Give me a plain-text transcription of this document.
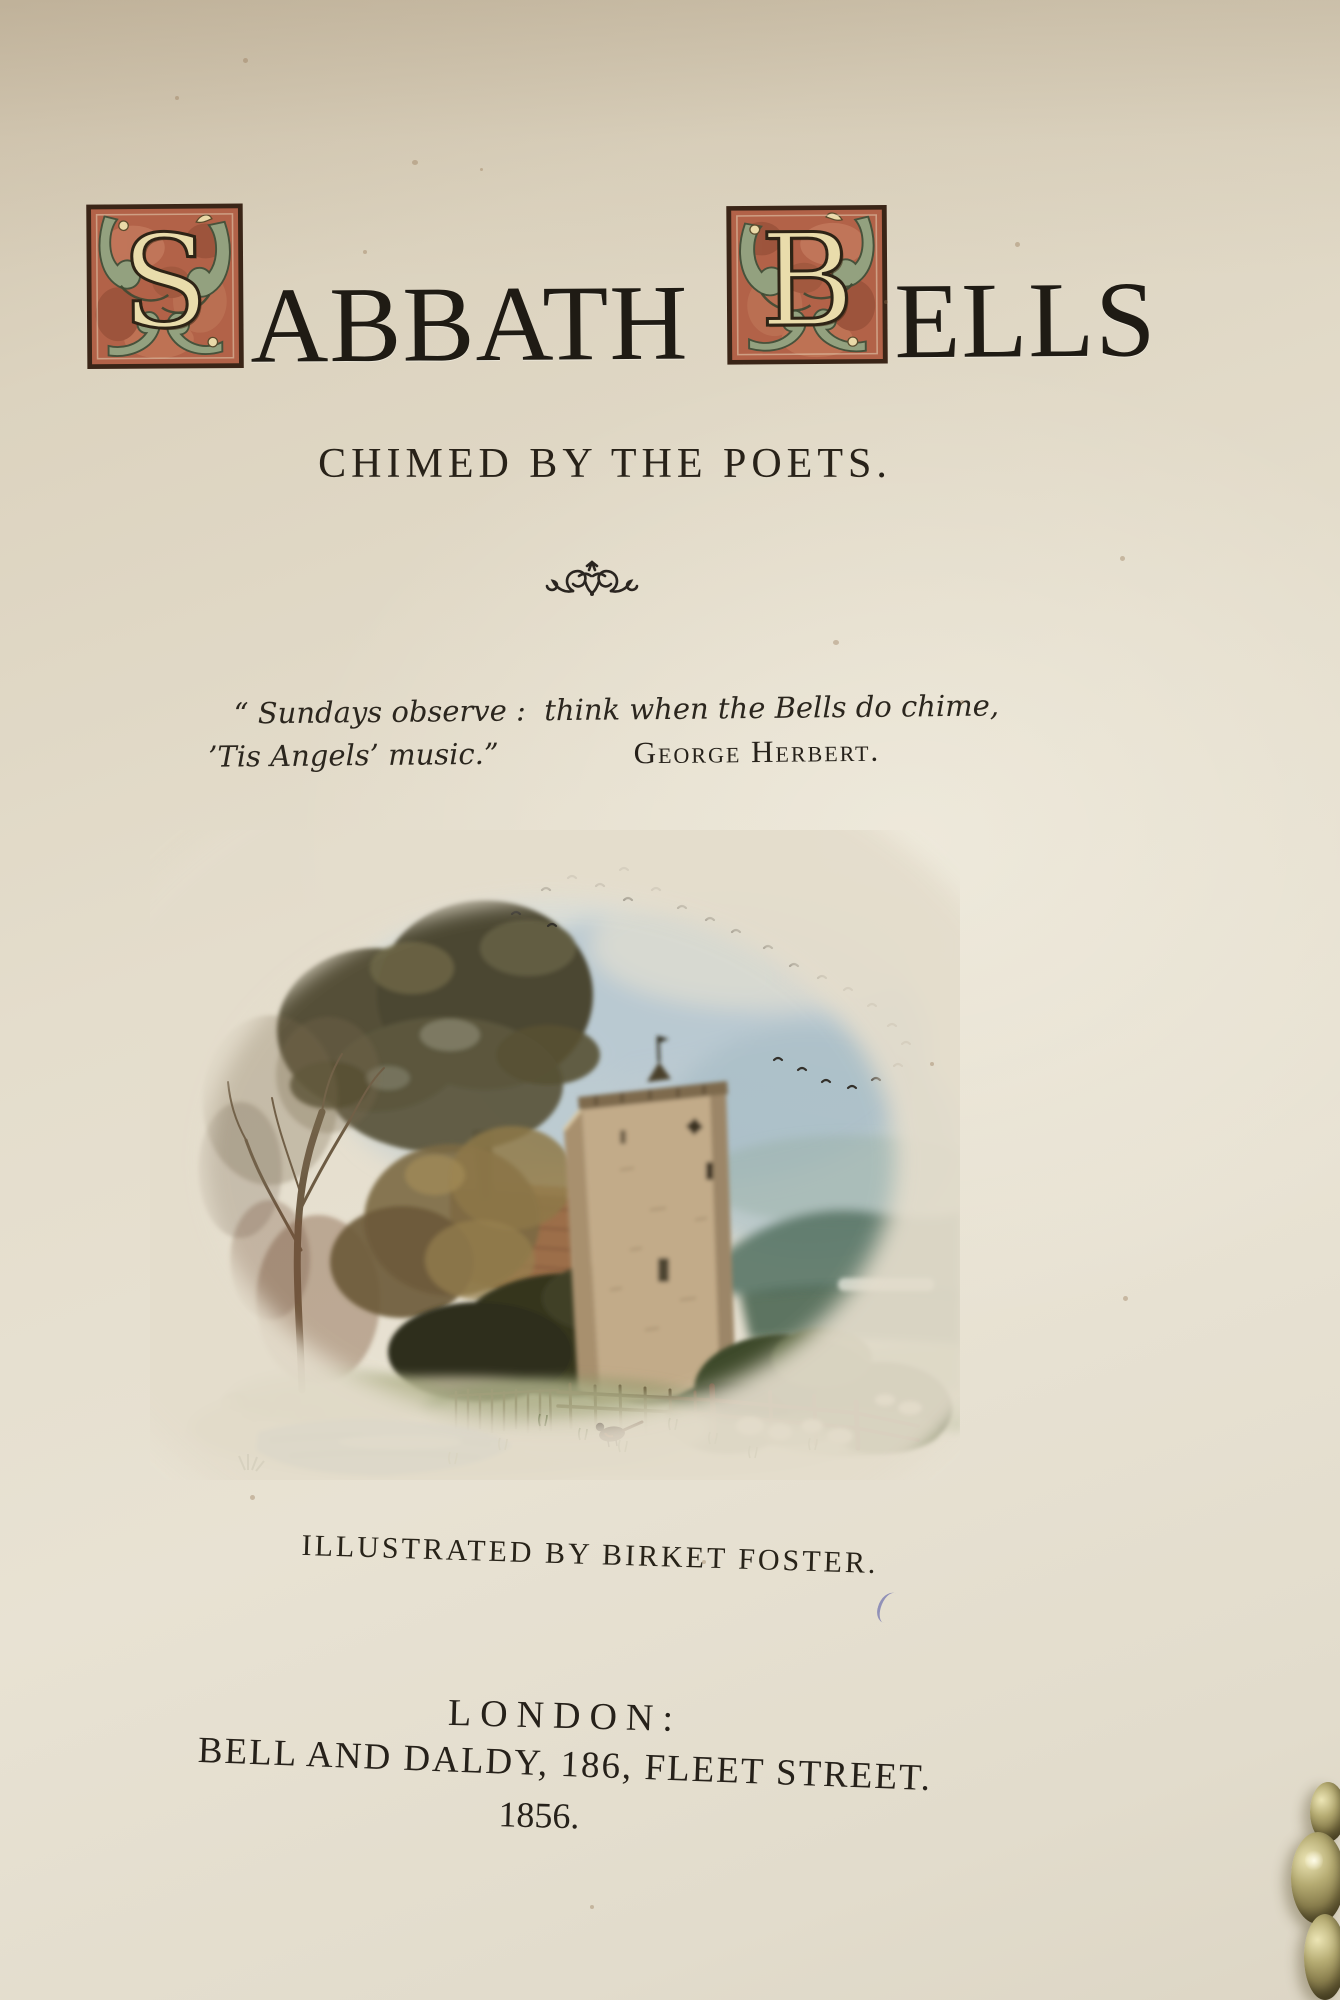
S ABBATH B ELLS
CHIMED BY THE POETS.
“ Sundays observe :  think when the Bells do chime,
’Tis Angels’ music.”	George Herbert.
ILLUSTRATED BY BIRKET FOSTER.
LONDON:
BELL AND DALDY, 186, FLEET STREET.
1856.
